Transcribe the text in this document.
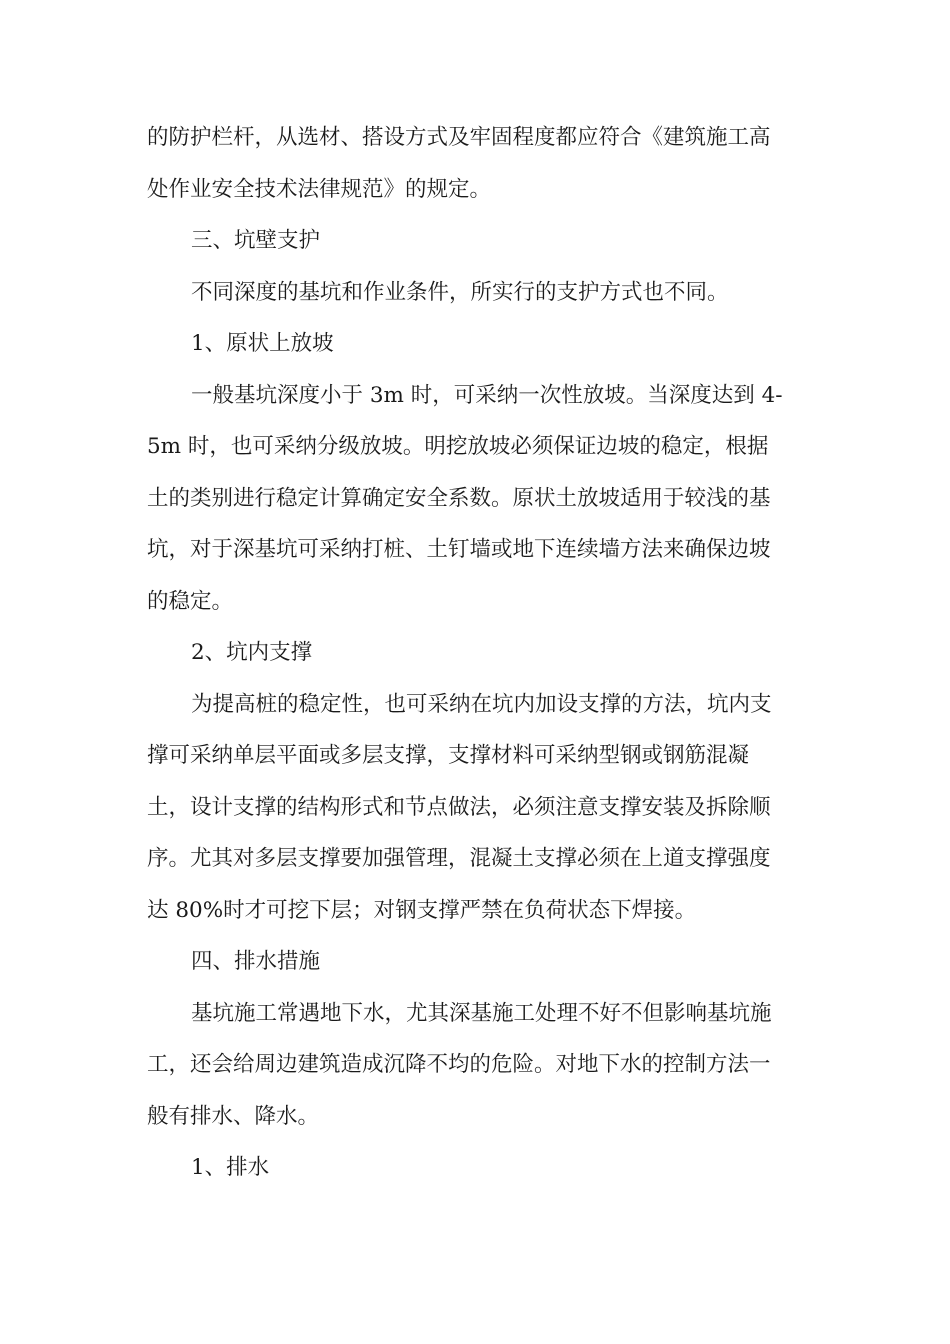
的防护栏杆，从选材、搭设方式及牢固程度都应符合《建筑施工高
处作业安全技术法律规范》的规定。

三、坑壁支护

不同深度的基坑和作业条件，所实行的支护方式也不同。

1、原状上放坡

一般基坑深度小于 3m 时，可采纳一次性放坡。当深度达到 4-
5m 时，也可采纳分级放坡。明挖放坡必须保证边坡的稳定，根据
土的类别进行稳定计算确定安全系数。原状土放坡适用于较浅的基
坑，对于深基坑可采纳打桩、土钉墙或地下连续墙方法来确保边坡
的稳定。

2、坑内支撑

为提高桩的稳定性，也可采纳在坑内加设支撑的方法，坑内支
撑可采纳单层平面或多层支撑，支撑材料可采纳型钢或钢筋混凝
土，设计支撑的结构形式和节点做法，必须注意支撑安装及拆除顺
序。尤其对多层支撑要加强管理，混凝土支撑必须在上道支撑强度
达 80%时才可挖下层；对钢支撑严禁在负荷状态下焊接。

四、排水措施

基坑施工常遇地下水，尤其深基施工处理不好不但影响基坑施
工，还会给周边建筑造成沉降不均的危险。对地下水的控制方法一
般有排水、降水。

1、排水
